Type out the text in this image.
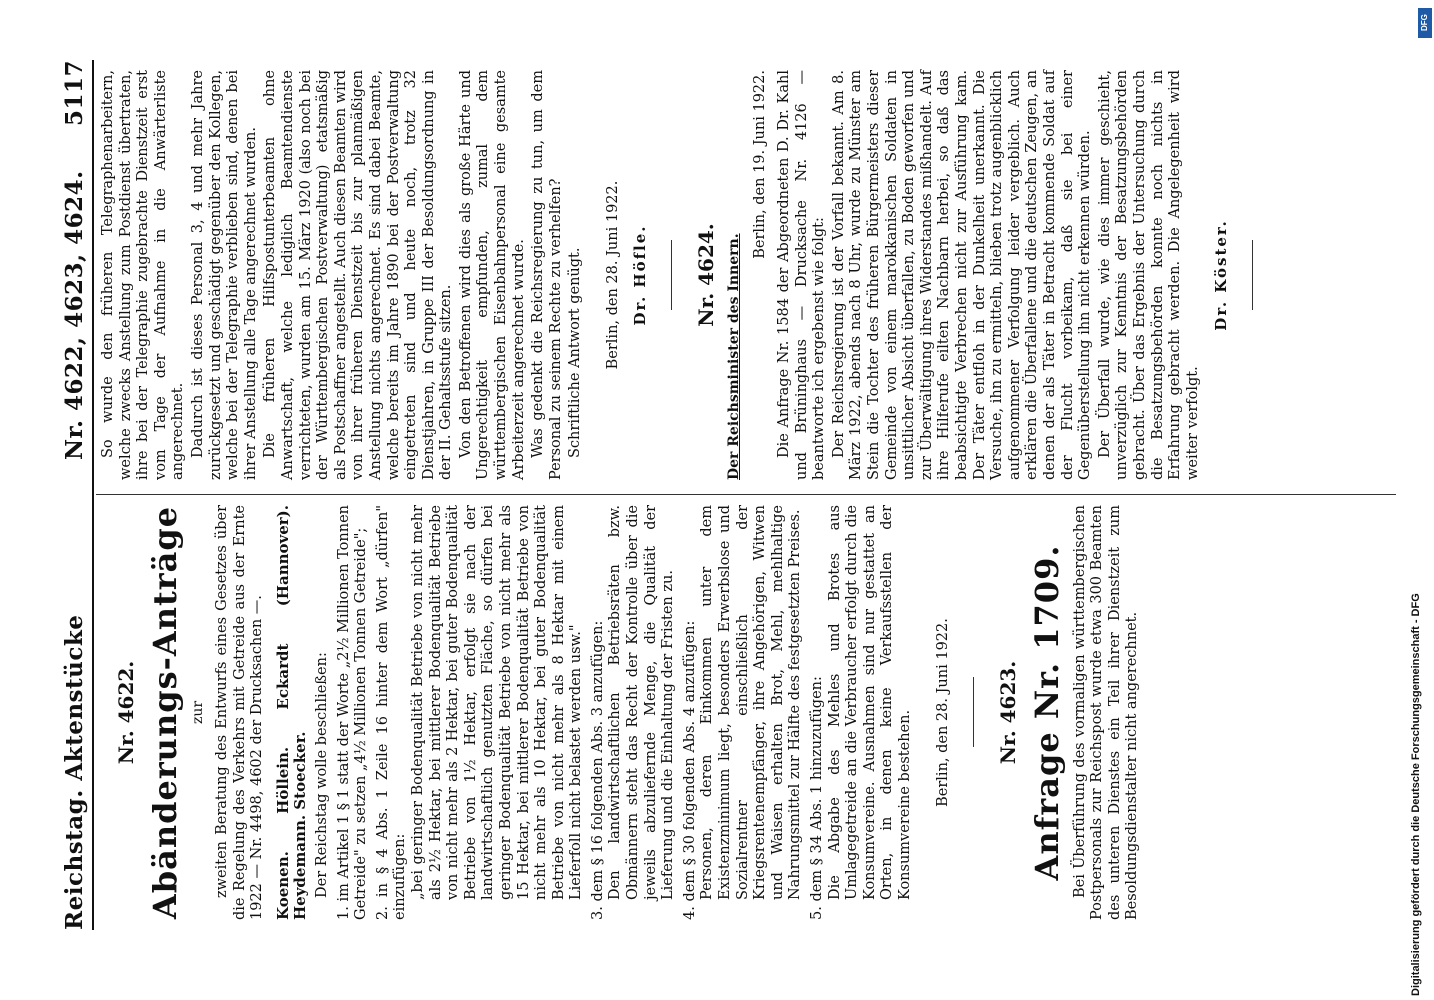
Reichstag. Aktenstücke
Nr. 4622, 4623, 4624.
5117
Nr. 4622. Abänderungs-Anträge zur zweiten Beratung des Entwurfs eines Gesetzes über die Regelung des Verkehrs mit Getreide aus der Ernte 1922 — Nr. 4498, 4602 der Drucksachen —. Koenen. Höllein. Eckardt (Hannover). Heydemann. Stoecker. Der Reichstag wolle beschließen: 1. im Artikel 1 § 1 statt der Worte „2½ Millionen Tonnen Getreide" zu setzen „4½ Millionen Tonnen Getreide"; 2. in § 4 Abs. 1 Zeile 16 hinter dem Wort „dürfen" einzufügen: „bei geringer Bodenqualität Betriebe von nicht mehr als 2½ Hektar, bei mittlerer Bodenqualität Betriebe von nicht mehr als 2 Hektar, bei guter Bodenqualität Betriebe von 1½ Hektar, erfolgt sie nach der landwirtschaftlich genutzten Fläche, so dürfen bei geringer Bodenqualität Betriebe von nicht mehr als 15 Hektar, bei mittlerer Bodenqualität Betriebe von nicht mehr als 10 Hektar, bei guter Bodenqualität Betriebe von nicht mehr als 8 Hektar mit einem Lieferfoll nicht belastet werden usw." 3. dem § 16 folgenden Abs. 3 anzufügen: Den landwirtschaftlichen Betriebsräten bzw. Obmännern steht das Recht der Kontrolle über die jeweils abzuliefernde Menge, die Qualität der Lieferung und die Einhaltung der Fristen zu. 4. dem § 30 folgenden Abs. 4 anzufügen: Personen, deren Einkommen unter dem Existenzminimum liegt, besonders Erwerbslose und Sozialrentner einschließlich der Kriegsrentenempfänger, ihre Angehörigen, Witwen und Waisen erhalten Brot, Mehl, mehlhaltige Nahrungsmittel zur Hälfte des festgesetzten Preises. 5. dem § 34 Abs. 1 hinzuzufügen: Die Abgabe des Mehles und Brotes aus Umlagegetreide an die Verbraucher erfolgt durch die Konsumvereine. Ausnahmen sind nur gestattet an Orten, in denen keine Verkaufsstellen der Konsumvereine bestehen. Berlin, den 28. Juni 1922. Nr. 4623. Anfrage Nr. 1709. Bei Überführung des vormaligen württembergischen Postpersonals zur Reichspost wurde etwa 300 Beamten des unteren Dienstes ein Teil ihrer Dienstzeit zum Besoldungsdienstalter nicht angerechnet.

So wurde den früheren Telegraphenarbeitern, welche zwecks Anstellung zum Postdienst übertraten, ihre bei der Telegraphie zugebrachte Dienstzeit erst vom Tage der Aufnahme in die Anwärterliste angerechnet. Dadurch ist dieses Personal 3, 4 und mehr Jahre zurückgesetzt und geschädigt gegenüber den Kollegen, welche bei der Telegraphie verblieben sind, denen bei ihrer Anstellung alle Tage angerechnet wurden. Die früheren Hilfspostunterbeamten ohne Anwartschaft, welche lediglich Beamtendienste verrichteten, wurden am 15. März 1920 (also noch bei der Württembergischen Postverwaltung) etatsmäßig als Postschaffner angestellt. Auch diesen Beamten wird von ihrer früheren Dienstzeit bis zur planmäßigen Anstellung nichts angerechnet. Es sind dabei Beamte, welche bereits im Jahre 1890 bei der Postverwaltung eingetreten sind und heute noch, trotz 32 Dienstjahren, in Gruppe III der Besoldungsordnung in der II. Gehaltsstufe sitzen. Von den Betroffenen wird dies als große Härte und Ungerechtigkeit empfunden, zumal dem württembergischen Eisenbahnpersonal eine gesamte Arbeiterzeit angerechnet wurde. Was gedenkt die Reichsregierung zu tun, um dem Personal zu seinem Rechte zu verhelfen? Schriftliche Antwort genügt. Berlin, den 28. Juni 1922. Dr. Höfle. Nr. 4624. Der Reichsminister des Innern.
Berlin, den 19. Juni 1922. Die Anfrage Nr. 1584 der Abgeordneten D. Dr. Kahl und Brüninghaus — Drucksache Nr. 4126 — beantworte ich ergebenst wie folgt: Der Reichsregierung ist der Vorfall bekannt. Am 8. März 1922, abends nach 8 Uhr, wurde zu Münster am Stein die Tochter des früheren Bürgermeisters dieser Gemeinde von einem marokkanischen Soldaten in unsittlicher Absicht überfallen, zu Boden geworfen und zur Überwältigung ihres Widerstandes mißhandelt. Auf ihre Hilferufe eilten Nachbarn herbei, so daß das beabsichtigte Verbrechen nicht zur Ausführung kam. Der Täter entfloh in der Dunkelheit unerkannt. Die Versuche, ihn zu ermitteln, blieben trotz augenblicklich aufgenommener Verfolgung leider vergeblich. Auch erklären die Überfallene und die deutschen Zeugen, an denen der als Täter in Betracht kommende Soldat auf der Flucht vorbeikam, daß sie bei einer Gegenüberstellung ihn nicht erkennen würden. Der Überfall wurde, wie dies immer geschieht, unverzüglich zur Kenntnis der Besatzungsbehörden gebracht. Über das Ergebnis der Untersuchung durch die Besatzungsbehörden konnte noch nichts in Erfahrung gebracht werden. Die Angelegenheit wird weiter verfolgt.

Dr. Köster.
Digitalisierung gefördert durch die Deutsche Forschungsgemeinschaft - DFG
DFG
